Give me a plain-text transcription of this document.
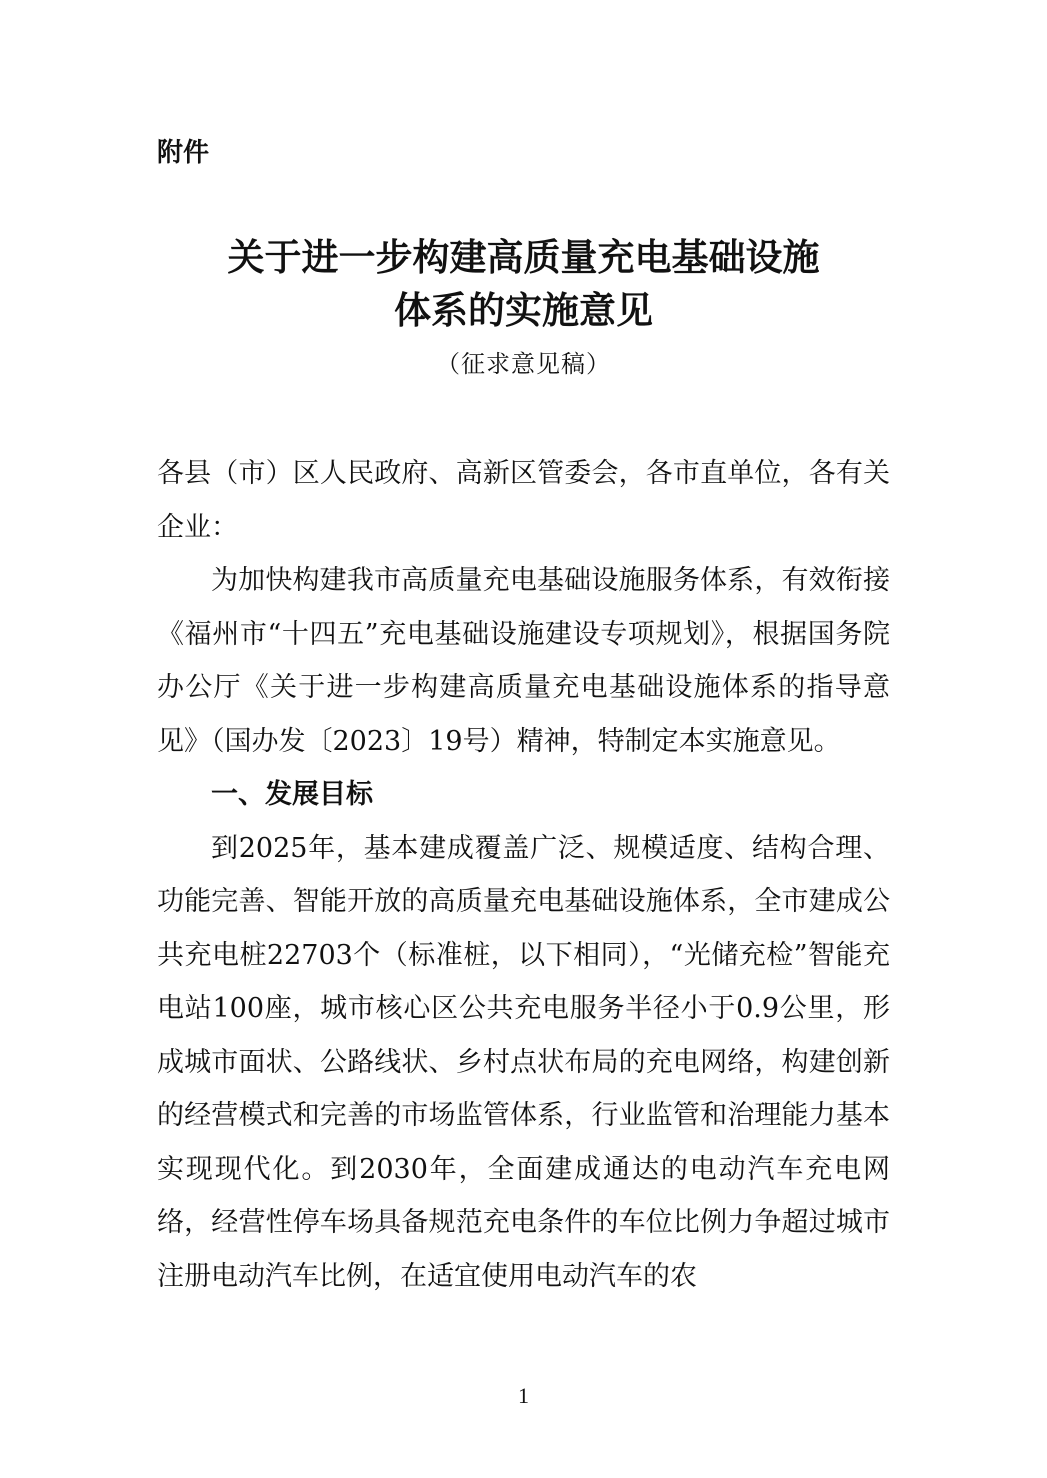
附件
关于进一步构建高质量充电基础设施
体系的实施意见
（征求意见稿）

各县（市）区人民政府、高新区管委会，各市直单位，各有关企业：

为加快构建我市高质量充电基础设施服务体系，有效衔接《福州市“十四五”充电基础设施建设专项规划》，根据国务院办公厅《关于进一步构建高质量充电基础设施体系的指导意见》（国办发〔2023〕19号）精神，特制定本实施意见。

一、发展目标

到2025年，基本建成覆盖广泛、规模适度、结构合理、功能完善、智能开放的高质量充电基础设施体系，全市建成公共充电桩22703个（标准桩，以下相同），“光储充检”智能充电站100座，城市核心区公共充电服务半径小于0.9公里，形成城市面状、公路线状、乡村点状布局的充电网络，构建创新的经营模式和完善的市场监管体系，行业监管和治理能力基本实现现代化。到2030年，全面建成通达的电动汽车充电网络，经营性停车场具备规范充电条件的车位比例力争超过城市注册电动汽车比例，在适宜使用电动汽车的农

1
